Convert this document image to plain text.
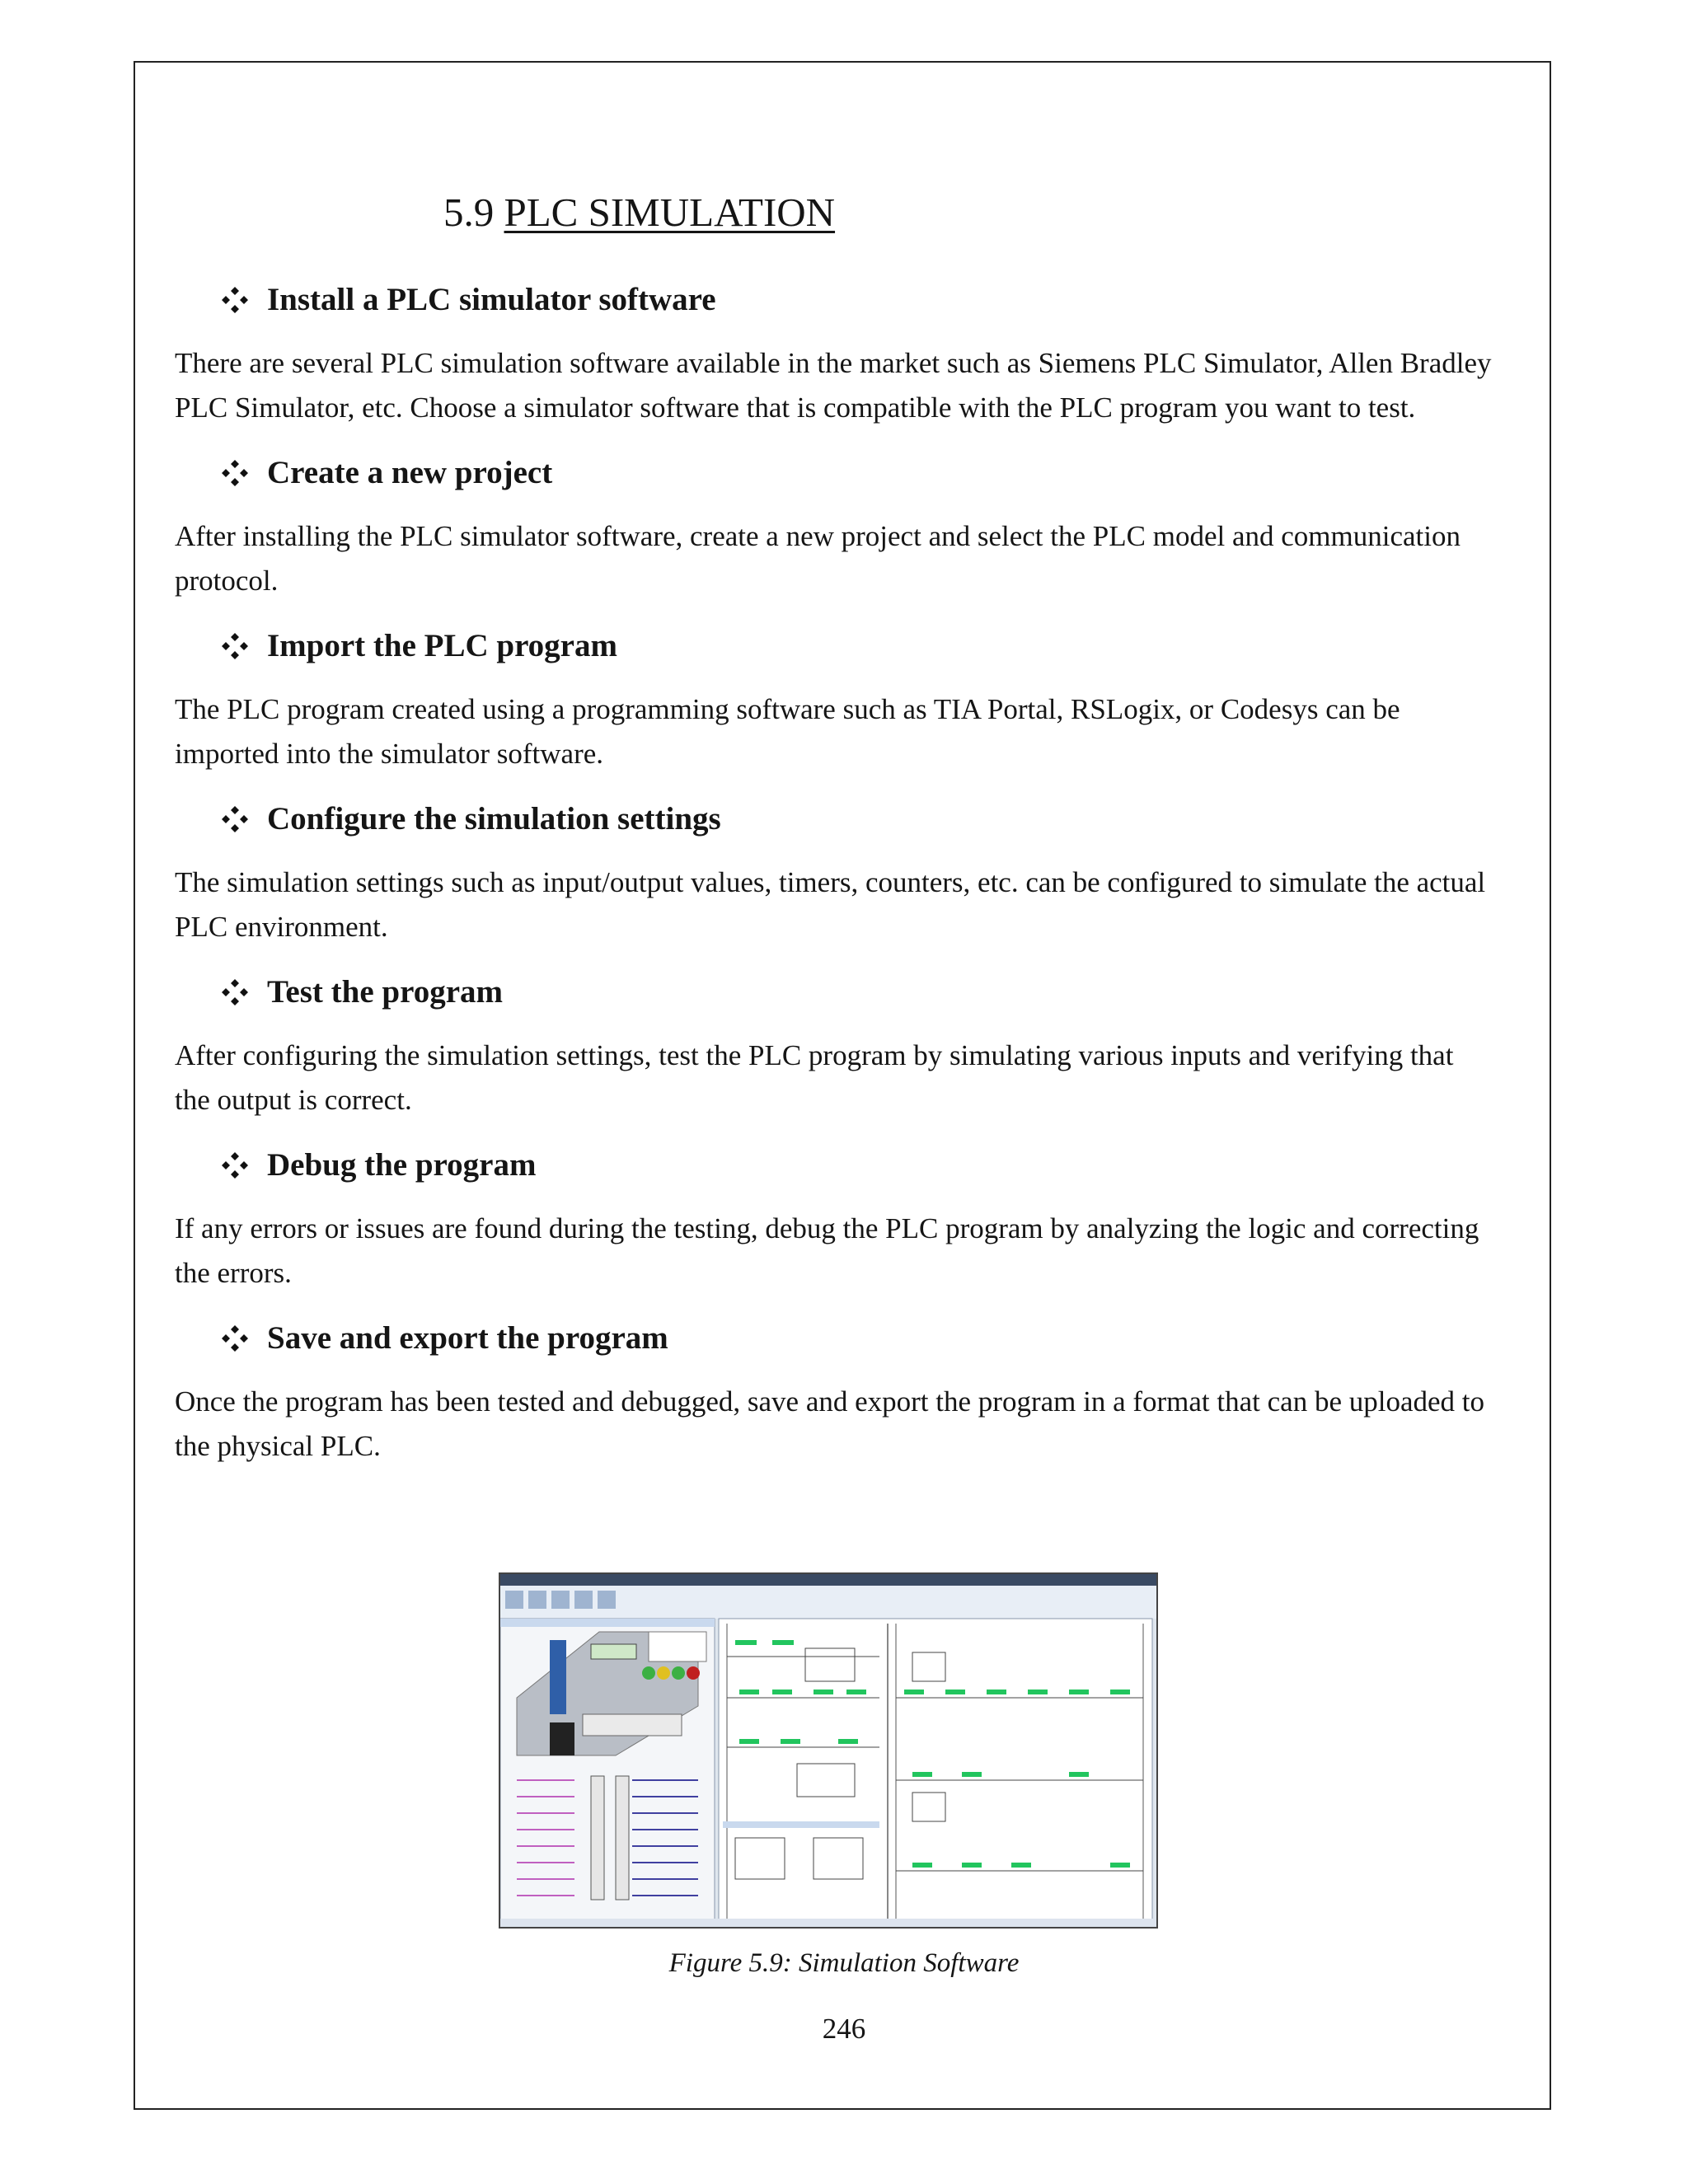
5.9 PLC SIMULATION
Install a PLC simulator software

There are several PLC simulation software available in the market such as Siemens PLC Simulator, Allen Bradley PLC Simulator, etc. Choose a simulator software that is compatible with the PLC program you want to test.

Create a new project

After installing the PLC simulator software, create a new project and select the PLC model and communication protocol.

Import the PLC program

The PLC program created using a programming software such as TIA Portal, RSLogix, or Codesys can be imported into the simulator software.

Configure the simulation settings

The simulation settings such as input/output values, timers, counters, etc. can be configured to simulate the actual PLC environment.

Test the program

After configuring the simulation settings, test the PLC program by simulating various inputs and verifying that the output is correct.

Debug the program

If any errors or issues are found during the testing, debug the PLC program by analyzing the logic and correcting the errors.

Save and export the program

Once the program has been tested and debugged, save and export the program in a format that can be uploaded to the physical PLC.

Figure 5.9: Simulation Software
246
